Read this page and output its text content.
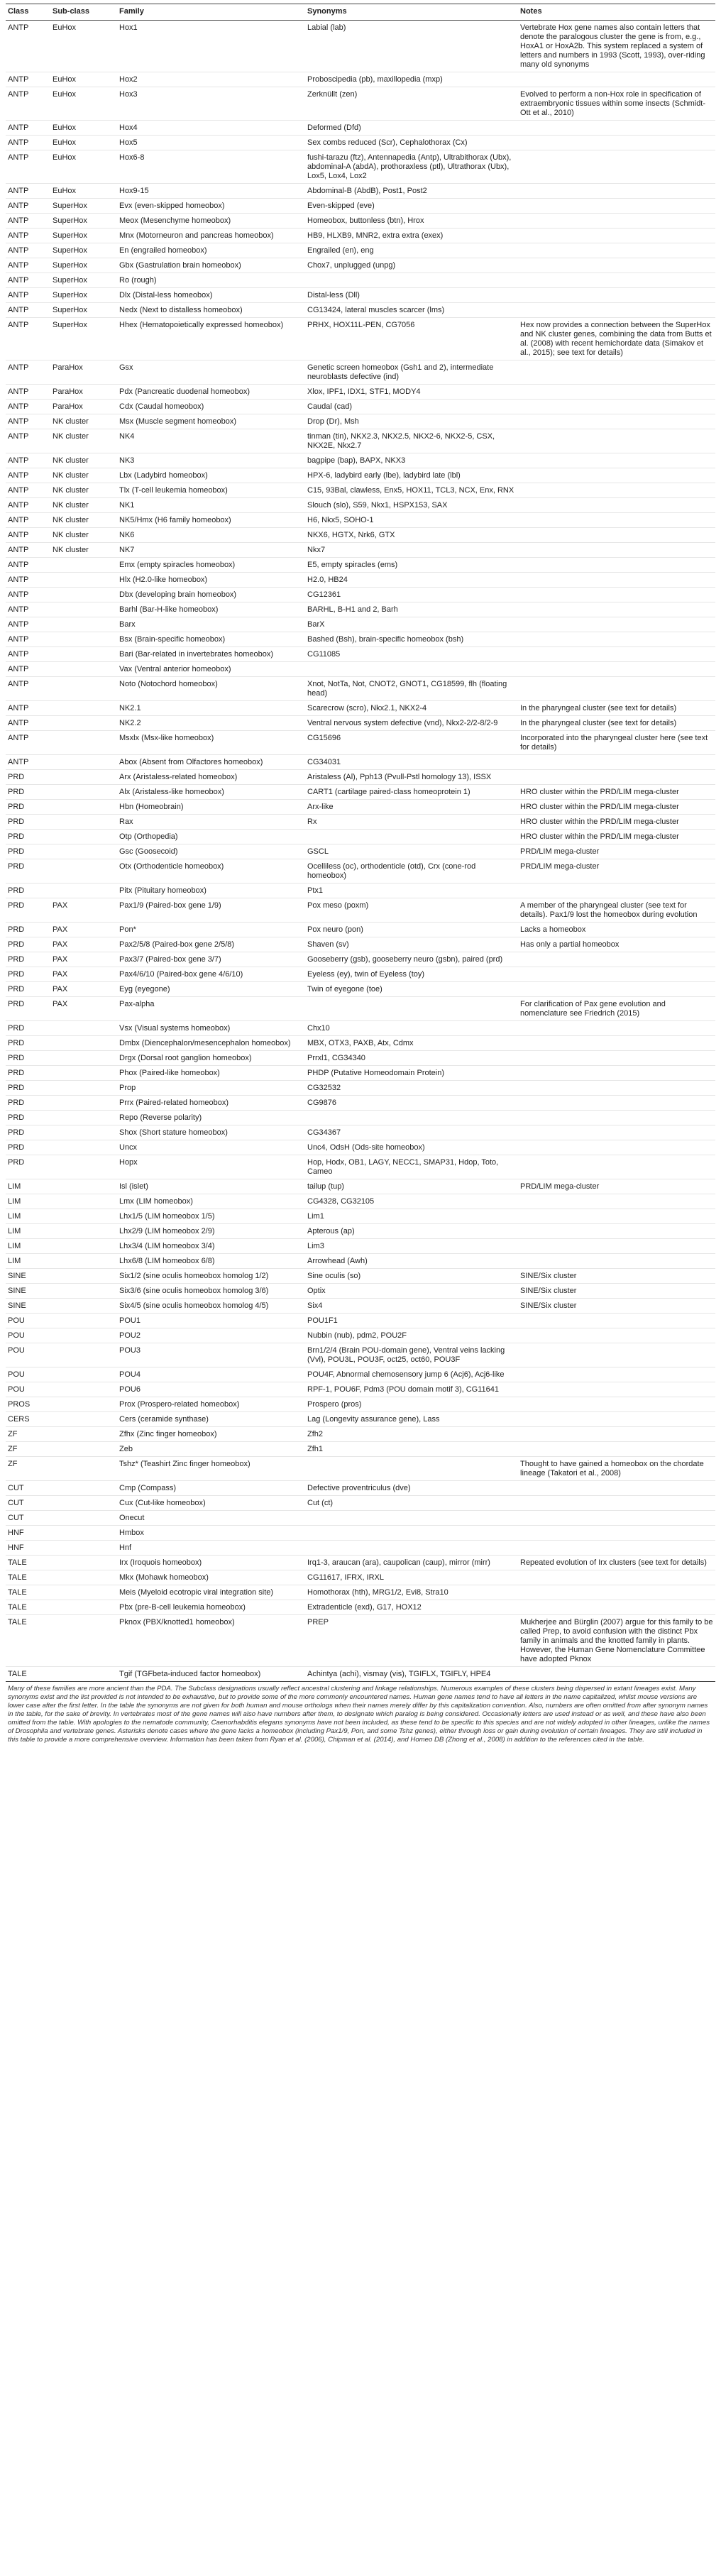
Class	Sub-class	Family	Synonyms	Notes
ANTP	EuHox	Hox1	Labial (lab)	Vertebrate Hox gene names also contain letters that denote the paralogous cluster the gene is from, e.g., HoxA1 or HoxA2b. This system replaced a system of letters and numbers in 1993 (Scott, 1993), over-riding many old synonyms
ANTP	EuHox	Hox2	Proboscipedia (pb), maxillopedia (mxp)	
ANTP	EuHox	Hox3	Zerknüllt (zen)	Evolved to perform a non-Hox role in specification of extraembryonic tissues within some insects (Schmidt-Ott et al., 2010)
ANTP	EuHox	Hox4	Deformed (Dfd)	
ANTP	EuHox	Hox5	Sex combs reduced (Scr), Cephalothorax (Cx)	
ANTP	EuHox	Hox6-8	fushi-tarazu (ftz), Antennapedia (Antp), Ultrabithorax (Ubx), abdominal-A (abdA), prothoraxless (ptl), Ultrathorax (Ubx), Lox5, Lox4, Lox2	
ANTP	EuHox	Hox9-15	Abdominal-B (AbdB), Post1, Post2	
ANTP	SuperHox	Evx (even-skipped homeobox)	Even-skipped (eve)	
ANTP	SuperHox	Meox (Mesenchyme homeobox)	Homeobox, buttonless (btn), Hrox	
ANTP	SuperHox	Mnx (Motorneuron and pancreas homeobox)	HB9, HLXB9, MNR2, extra extra (exex)	
ANTP	SuperHox	En (engrailed homeobox)	Engrailed (en), eng	
ANTP	SuperHox	Gbx (Gastrulation brain homeobox)	Chox7, unplugged (unpg)	
ANTP	SuperHox	Ro (rough)		
ANTP	SuperHox	Dlx (Distal-less homeobox)	Distal-less (Dll)	
ANTP	SuperHox	Nedx (Next to distalless homeobox)	CG13424, lateral muscles scarcer (lms)	
ANTP	SuperHox	Hhex (Hematopoietically expressed homeobox)	PRHX, HOX11L-PEN, CG7056	Hex now provides a connection between the SuperHox and NK cluster genes, combining the data from Butts et al. (2008) with recent hemichordate data (Simakov et al., 2015); see text for details)
ANTP	ParaHox	Gsx	Genetic screen homeobox (Gsh1 and 2), intermediate neuroblasts defective (ind)	
ANTP	ParaHox	Pdx (Pancreatic duodenal homeobox)	Xlox, IPF1, IDX1, STF1, MODY4	
ANTP	ParaHox	Cdx (Caudal homeobox)	Caudal (cad)	
ANTP	NK cluster	Msx (Muscle segment homeobox)	Drop (Dr), Msh	
ANTP	NK cluster	NK4	tinman (tin), NKX2.3, NKX2.5, NKX2-6, NKX2-5, CSX, NKX2E, Nkx2.7	
ANTP	NK cluster	NK3	bagpipe (bap), BAPX, NKX3	
ANTP	NK cluster	Lbx (Ladybird homeobox)	HPX-6, ladybird early (lbe), ladybird late (lbl)	
ANTP	NK cluster	Tlx (T-cell leukemia homeobox)	C15, 93Bal, clawless, Enx5, HOX11, TCL3, NCX, Enx, RNX	
ANTP	NK cluster	NK1	Slouch (slo), S59, Nkx1, HSPX153, SAX	
ANTP	NK cluster	NK5/Hmx (H6 family homeobox)	H6, Nkx5, SOHO-1	
ANTP	NK cluster	NK6	NKX6, HGTX, Nrk6, GTX	
ANTP	NK cluster	NK7	Nkx7	
ANTP		Emx (empty spiracles homeobox)	E5, empty spiracles (ems)	
ANTP		Hlx (H2.0-like homeobox)	H2.0, HB24	
ANTP		Dbx (developing brain homeobox)	CG12361	
ANTP		Barhl (Bar-H-like homeobox)	BARHL, B-H1 and 2, Barh	
ANTP		Barx	BarX	
ANTP		Bsx (Brain-specific homeobox)	Bashed (Bsh), brain-specific homeobox (bsh)	
ANTP		Bari (Bar-related in invertebrates homeobox)	CG11085	
ANTP		Vax (Ventral anterior homeobox)		
ANTP		Noto (Notochord homeobox)	Xnot, NotTa, Not, CNOT2, GNOT1, CG18599, flh (floating head)	
ANTP		NK2.1	Scarecrow (scro), Nkx2.1, NKX2-4	In the pharyngeal cluster (see text for details)
ANTP		NK2.2	Ventral nervous system defective (vnd), Nkx2-2/2-8/2-9	In the pharyngeal cluster (see text for details)
ANTP		Msxlx (Msx-like homeobox)	CG15696	Incorporated into the pharyngeal cluster here (see text for details)
ANTP		Abox (Absent from Olfactores homeobox)	CG34031	
PRD		Arx (Aristaless-related homeobox)	Aristaless (Al), Pph13 (Pvull-Pstl homology 13), ISSX	
PRD		Alx (Aristaless-like homeobox)	CART1 (cartilage paired-class homeoprotein 1)	HRO cluster within the PRD/LIM mega-cluster
PRD		Hbn (Homeobrain)	Arx-like	HRO cluster within the PRD/LIM mega-cluster
PRD		Rax	Rx	HRO cluster within the PRD/LIM mega-cluster
PRD		Otp (Orthopedia)		HRO cluster within the PRD/LIM mega-cluster
PRD		Gsc (Goosecoid)	GSCL	PRD/LIM mega-cluster
PRD		Otx (Orthodenticle homeobox)	Ocelliless (oc), orthodenticle (otd), Crx (cone-rod homeobox)	PRD/LIM mega-cluster
PRD		Pitx (Pituitary homeobox)	Ptx1	
PRD	PAX	Pax1/9 (Paired-box gene 1/9)	Pox meso (poxm)	A member of the pharyngeal cluster (see text for details). Pax1/9 lost the homeobox during evolution
PRD	PAX	Pon*	Pox neuro (pon)	Lacks a homeobox
PRD	PAX	Pax2/5/8 (Paired-box gene 2/5/8)	Shaven (sv)	Has only a partial homeobox
PRD	PAX	Pax3/7 (Paired-box gene 3/7)	Gooseberry (gsb), gooseberry neuro (gsbn), paired (prd)	
PRD	PAX	Pax4/6/10 (Paired-box gene 4/6/10)	Eyeless (ey), twin of Eyeless (toy)	
PRD	PAX	Eyg (eyegone)	Twin of eyegone (toe)	
PRD	PAX	Pax-alpha		For clarification of Pax gene evolution and nomenclature see Friedrich (2015)
PRD		Vsx (Visual systems homeobox)	Chx10	
PRD		Dmbx (Diencephalon/mesencephalon homeobox)	MBX, OTX3, PAXB, Atx, Cdmx	
PRD		Drgx (Dorsal root ganglion homeobox)	Prrxl1, CG34340	
PRD		Phox (Paired-like homeobox)	PHDP (Putative Homeodomain Protein)	
PRD		Prop	CG32532	
PRD		Prrx (Paired-related homeobox)	CG9876	
PRD		Repo (Reverse polarity)		
PRD		Shox (Short stature homeobox)	CG34367	
PRD		Uncx	Unc4, OdsH (Ods-site homeobox)	
PRD		Hopx	Hop, Hodx, OB1, LAGY, NECC1, SMAP31, Hdop, Toto, Cameo	
LIM		Isl (islet)	tailup (tup)	PRD/LIM mega-cluster
LIM		Lmx (LIM homeobox)	CG4328, CG32105	
LIM		Lhx1/5 (LIM homeobox 1/5)	Lim1	
LIM		Lhx2/9 (LIM homeobox 2/9)	Apterous (ap)	
LIM		Lhx3/4 (LIM homeobox 3/4)	Lim3	
LIM		Lhx6/8 (LIM homeobox 6/8)	Arrowhead (Awh)	
SINE		Six1/2 (sine oculis homeobox homolog 1/2)	Sine oculis (so)	SINE/Six cluster
SINE		Six3/6 (sine oculis homeobox homolog 3/6)	Optix	SINE/Six cluster
SINE		Six4/5 (sine oculis homeobox homolog 4/5)	Six4	SINE/Six cluster
POU		POU1	POU1F1	
POU		POU2	Nubbin (nub), pdm2, POU2F	
POU		POU3	Brn1/2/4 (Brain POU-domain gene), Ventral veins lacking (Vvl), POU3L, POU3F, oct25, oct60, POU3F	
POU		POU4	POU4F, Abnormal chemosensory jump 6 (Acj6), Acj6-like	
POU		POU6	RPF-1, POU6F, Pdm3 (POU domain motif 3), CG11641	
PROS		Prox (Prospero-related homeobox)	Prospero (pros)	
CERS		Cers (ceramide synthase)	Lag (Longevity assurance gene), Lass	
ZF		Zfhx (Zinc finger homeobox)	Zfh2	
ZF		Zeb	Zfh1	
ZF		Tshz* (Teashirt Zinc finger homeobox)		Thought to have gained a homeobox on the chordate lineage (Takatori et al., 2008)
CUT		Cmp (Compass)	Defective proventriculus (dve)	
CUT		Cux (Cut-like homeobox)	Cut (ct)	
CUT		Onecut		
HNF		Hmbox		
HNF		Hnf		
TALE		Irx (Iroquois homeobox)	Irq1-3, araucan (ara), caupolican (caup), mirror (mirr)	Repeated evolution of Irx clusters (see text for details)
TALE		Mkx (Mohawk homeobox)	CG11617, IFRX, IRXL	
TALE		Meis (Myeloid ecotropic viral integration site)	Homothorax (hth), MRG1/2, Evi8, Stra10	
TALE		Pbx (pre-B-cell leukemia homeobox)	Extradenticle (exd), G17, HOX12	
TALE		Pknox (PBX/knotted1 homeobox)	PREP	Mukherjee and Bürglin (2007) argue for this family to be called Prep, to avoid confusion with the distinct Pbx family in animals and the knotted family in plants. However, the Human Gene Nomenclature Committee have adopted Pknox
TALE		Tgif (TGFbeta-induced factor homeobox)	Achintya (achi), vismay (vis), TGIFLX, TGIFLY, HPE4	
Many of these families are more ancient than the PDA. The Subclass designations usually reflect ancestral clustering and linkage relationships. Numerous examples of these clusters being dispersed in extant lineages exist. Many synonyms exist and the list provided is not intended to be exhaustive, but to provide some of the more commonly encountered names. Human gene names tend to have all letters in the name capitalized, whilst mouse versions are lower case after the first letter. In the table the synonyms are not given for both human and mouse orthologs when their names merely differ by this capitalization convention. Also, numbers are often omitted from after synonym names in the table, for the sake of brevity. In vertebrates most of the gene names will also have numbers after them, to designate which paralog is being considered. Occasionally letters are used instead or as well, and these have also been omitted from the table. With apologies to the nematode community, Caenorhabditis elegans synonyms have not been included, as these tend to be specific to this species and are not widely adopted in other lineages, unlike the names of Drosophila and vertebrate genes. Asterisks denote cases where the gene lacks a homeobox (including Pax1/9, Pon, and some Tshz genes), either through loss or gain during evolution of certain lineages. They are still included in this table to provide a more comprehensive overview. Information has been taken from Ryan et al. (2006), Chipman et al. (2014), and Homeo DB (Zhong et al., 2008) in addition to the references cited in the table.
